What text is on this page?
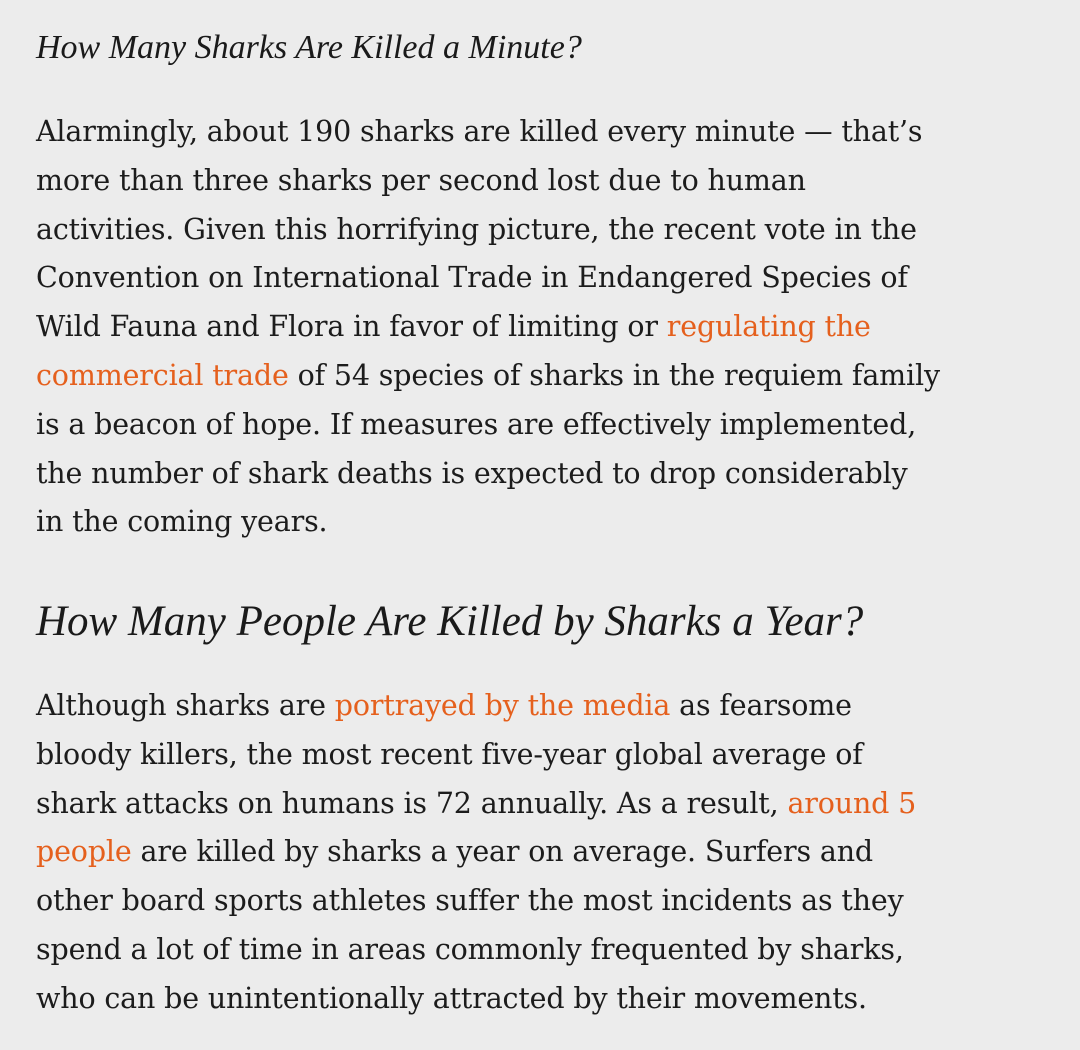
How Many Sharks Are Killed a Minute?

Alarmingly, about 190 sharks are killed every minute — that’s
more than three sharks per second lost due to human
activities. Given this horrifying picture, the recent vote in the
Convention on International Trade in Endangered Species of
Wild Fauna and Flora in favor of limiting or regulating the
commercial trade of 54 species of sharks in the requiem family
is a beacon of hope. If measures are effectively implemented,
the number of shark deaths is expected to drop considerably
in the coming years.

How Many People Are Killed by Sharks a Year?

Although sharks are portrayed by the media as fearsome
bloody killers, the most recent five-year global average of
shark attacks on humans is 72 annually. As a result, around 5
people are killed by sharks a year on average. Surfers and
other board sports athletes suffer the most incidents as they
spend a lot of time in areas commonly frequented by sharks,
who can be unintentionally attracted by their movements.
